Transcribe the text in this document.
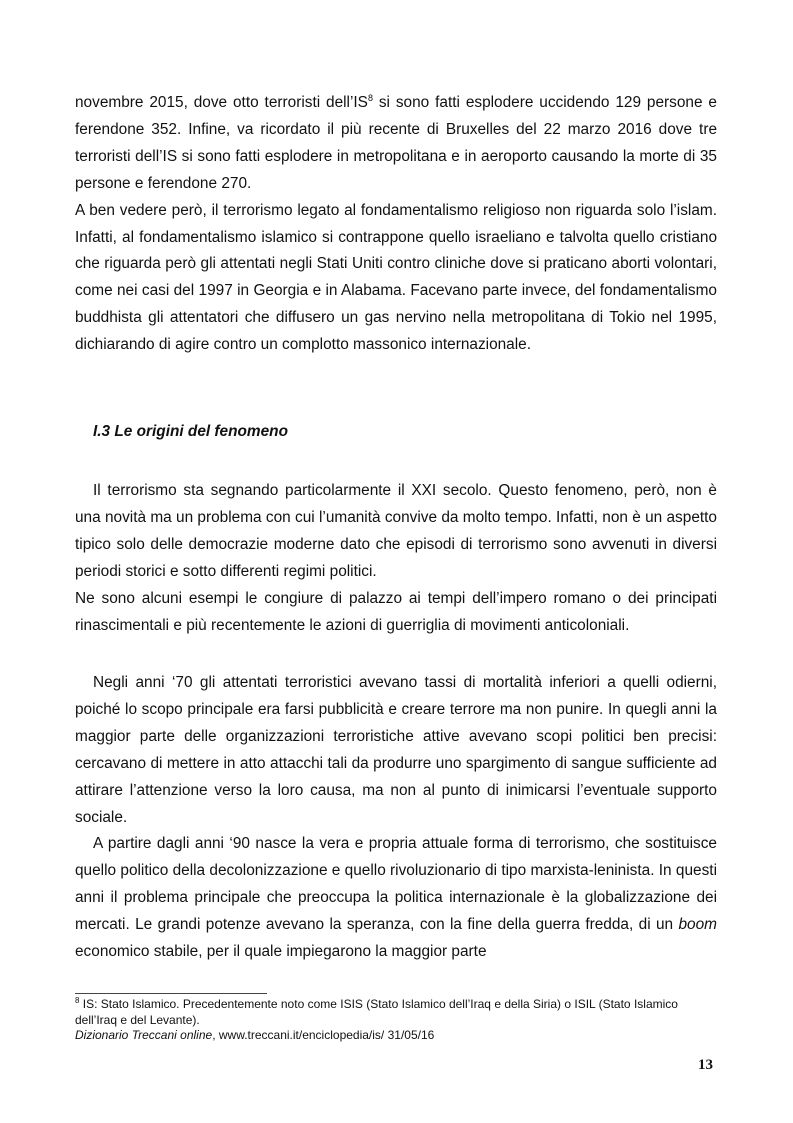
novembre 2015, dove otto terroristi $dell’IS^8$ si sono fatti esplodere uccidendo 129 persone e ferendone 352. Infine, va ricordato il più recente di Bruxelles del 22 marzo 2016 dove tre terroristi dell’IS si sono fatti esplodere in metropolitana e in aeroporto causando la morte di 35 persone e ferendone 270.

A ben vedere però, il terrorismo legato al fondamentalismo religioso non riguarda solo l’islam. Infatti, al fondamentalismo islamico si contrappone quello israeliano e talvolta quello cristiano che riguarda però gli attentati negli Stati Uniti contro cliniche dove si praticano aborti volontari, come nei casi del 1997 in Georgia e in Alabama. Facevano parte invece, del fondamentalismo buddhista gli attentatori che diffusero un gas nervino nella metropolitana di Tokio nel 1995, dichiarando di agire contro un complotto massonico internazionale.

I.3 Le origini del fenomeno

Il terrorismo sta segnando particolarmente il XXI secolo. Questo fenomeno, però, non è una novità ma un problema con cui l’umanità convive da molto tempo. Infatti, non è un aspetto tipico solo delle democrazie moderne dato che episodi di terrorismo sono avvenuti in diversi periodi storici e sotto differenti regimi politici.

Ne sono alcuni esempi le congiure di palazzo ai tempi dell’impero romano o dei principati rinascimentali e più recentemente le azioni di guerriglia di movimenti anticoloniali.

Negli anni ‘70 gli attentati terroristici avevano tassi di mortalità inferiori a quelli odierni, poiché lo scopo principale era farsi pubblicità e creare terrore ma non punire. In quegli anni la maggior parte delle organizzazioni terroristiche attive avevano scopi politici ben precisi: cercavano di mettere in atto attacchi tali da produrre uno spargimento di sangue sufficiente ad attirare l’attenzione verso la loro causa, ma non al punto di inimicarsi l’eventuale supporto sociale.

A partire dagli anni ‘90 nasce la vera e propria attuale forma di terrorismo, che sostituisce quello politico della decolonizzazione e quello rivoluzionario di tipo marxista-leninista. In questi anni il problema principale che preoccupa la politica internazionale è la globalizzazione dei mercati. Le grandi potenze avevano la speranza, con la fine della guerra fredda, di un boom economico stabile, per il quale impiegarono la maggior parte

$^8$ IS: Stato Islamico. Precedentemente noto come ISIS (Stato Islamico dell’Iraq e della Siria) o ISIL (Stato Islamico dell’Iraq e del Levante).

Dizionario Treccani online, www.treccani.it/enciclopedia/is/ 31/05/16

13
